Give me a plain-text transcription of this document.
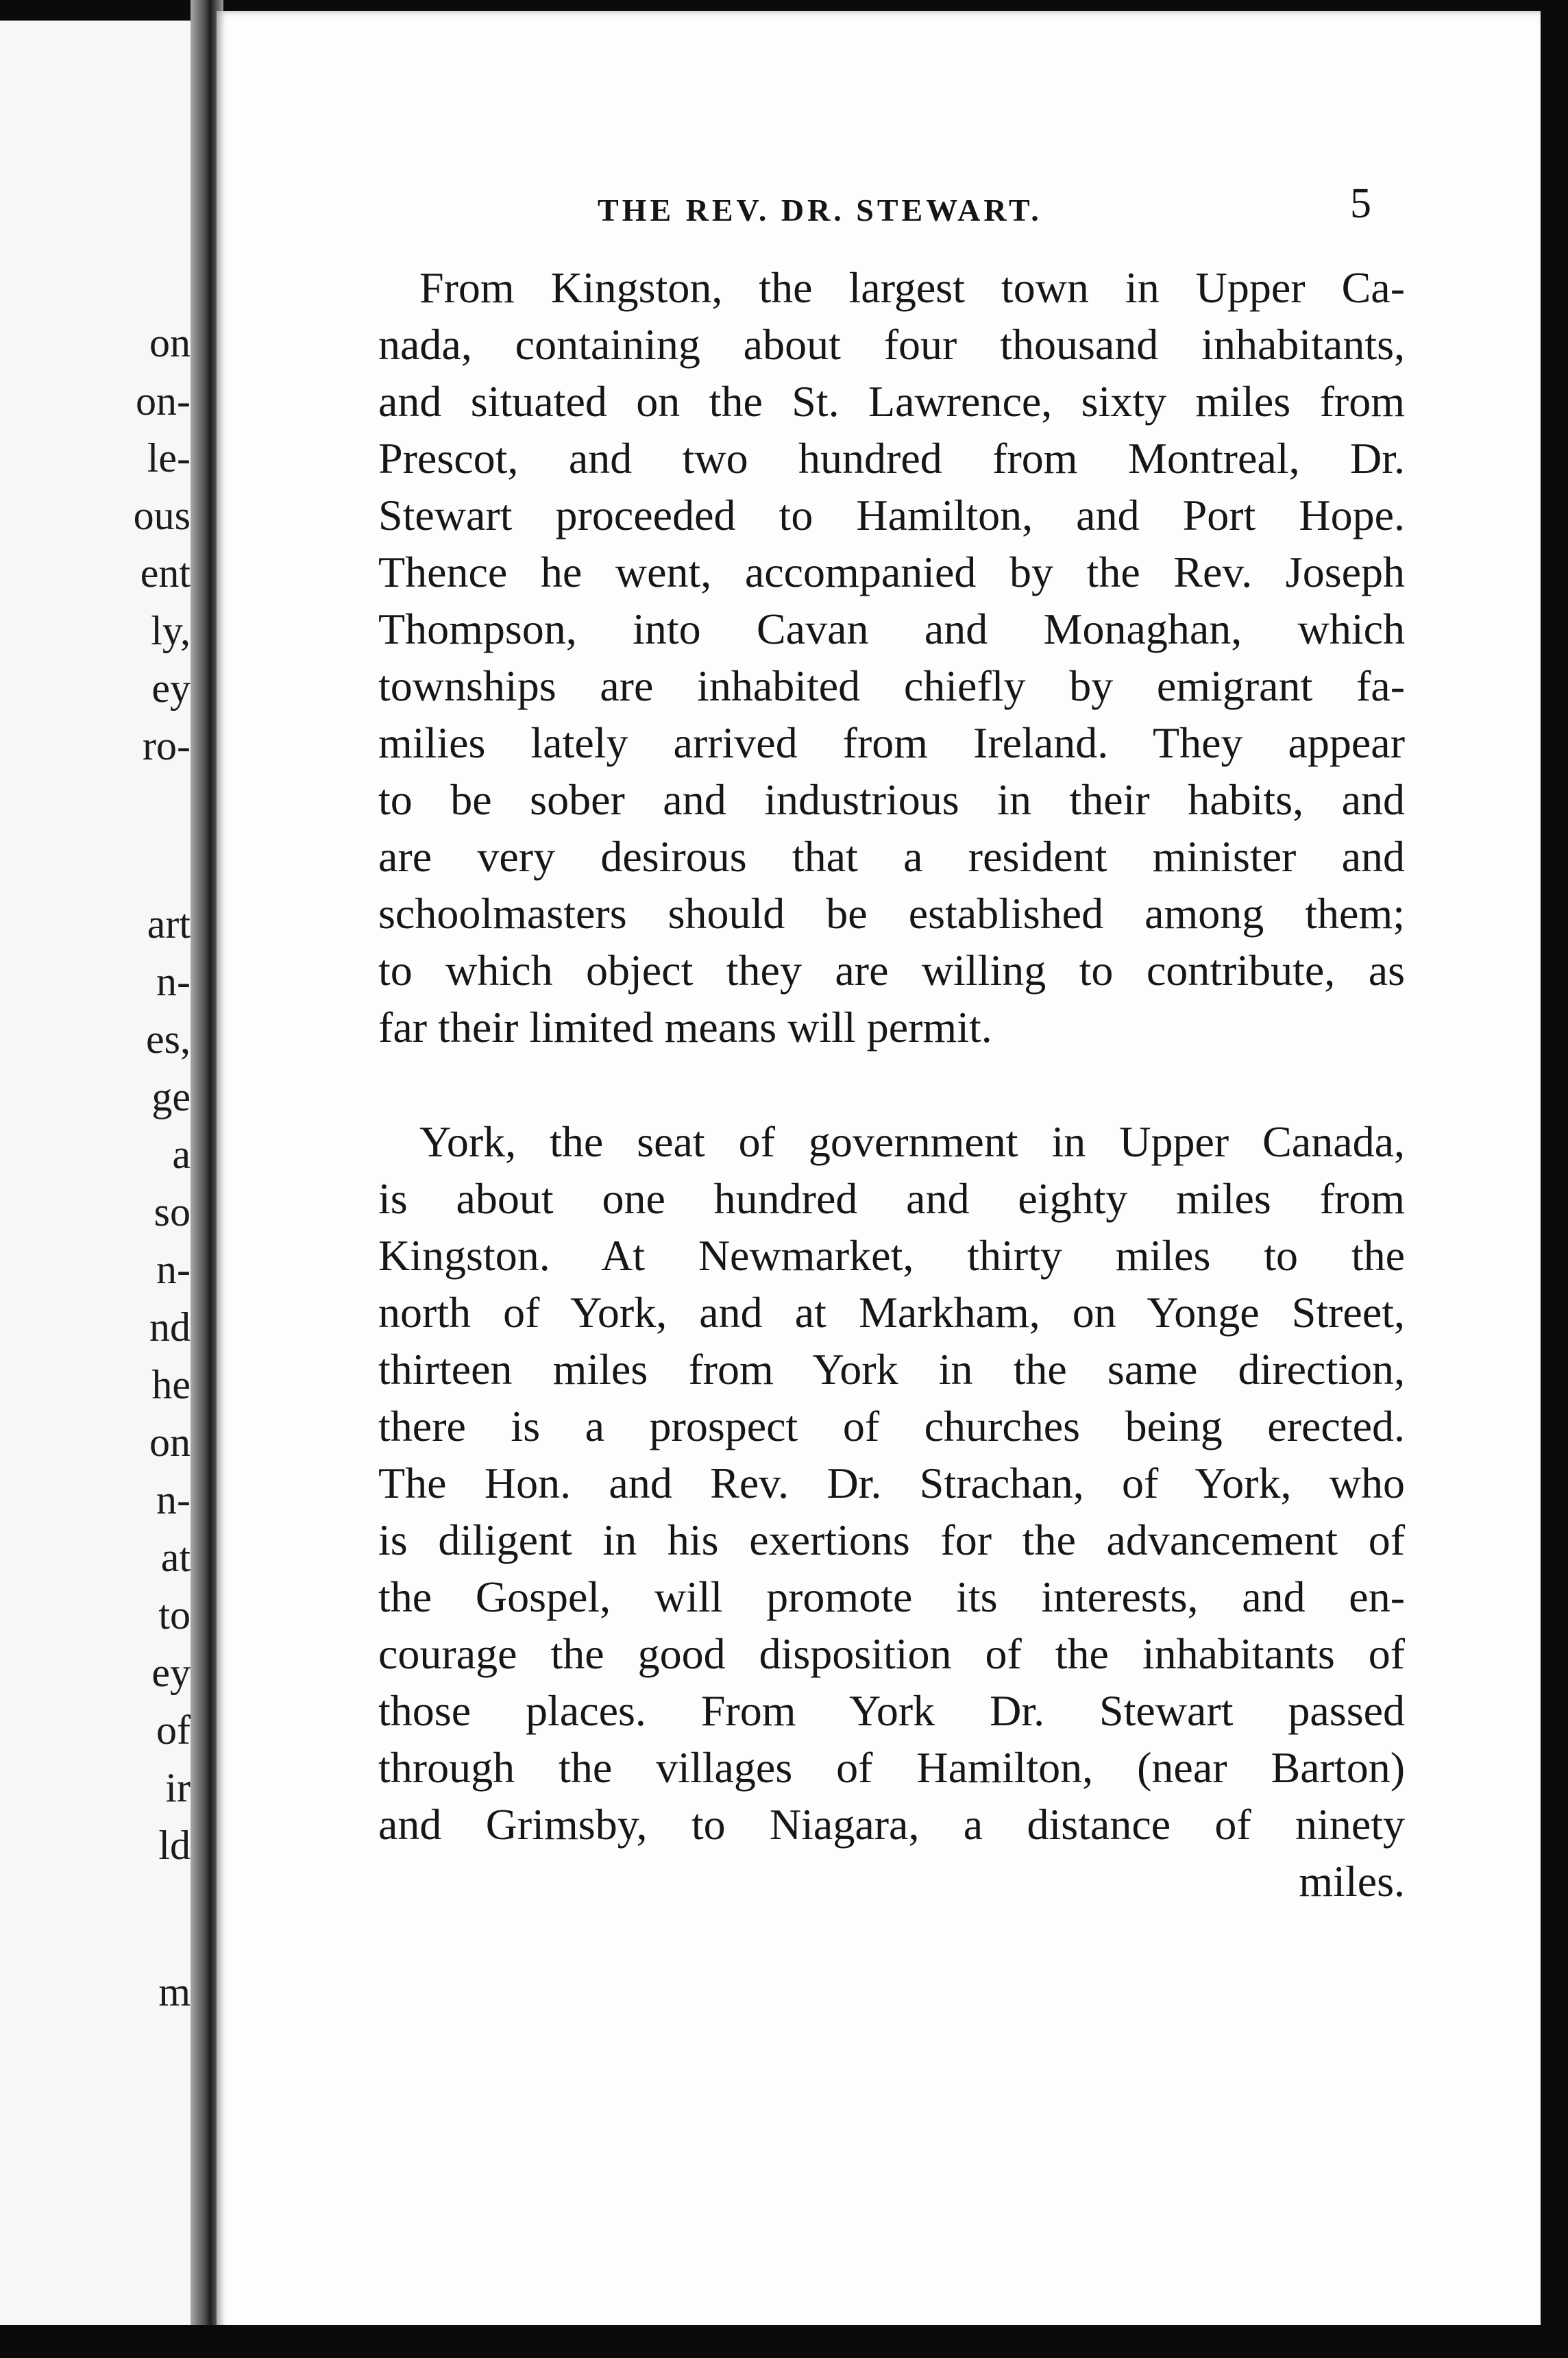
on

on-

le-

ous

ent

ly,

ey

ro-

art

n-

es,

ge

a

so

n-

nd

he

on

n-

at

to

ey

of

ir

ld

m

THE REV. DR. STEWART.	5

From Kingston, the largest town in Upper Ca-
nada, containing about four thousand inhabitants,
and situated on the St. Lawrence, sixty miles from
Prescot, and two hundred from Montreal, Dr.
Stewart proceeded to Hamilton, and Port Hope.
Thence he went, accompanied by the Rev. Joseph
Thompson, into Cavan and Monaghan, which
townships are inhabited chiefly by emigrant fa-
milies lately arrived from Ireland. They appear
to be sober and industrious in their habits, and
are very desirous that a resident minister and
schoolmasters should be established among them;
to which object they are willing to contribute, as
far their limited means will permit.

York, the seat of government in Upper Canada,
is about one hundred and eighty miles from
Kingston. At Newmarket, thirty miles to the
north of York, and at Markham, on Yonge Street,
thirteen miles from York in the same direction,
there is a prospect of churches being erected.
The Hon. and Rev. Dr. Strachan, of York, who
is diligent in his exertions for the advancement of
the Gospel, will promote its interests, and en-
courage the good disposition of the inhabitants of
those places. From York Dr. Stewart passed
through the villages of Hamilton, (near Barton)
and Grimsby, to Niagara, a distance of ninety
miles.
